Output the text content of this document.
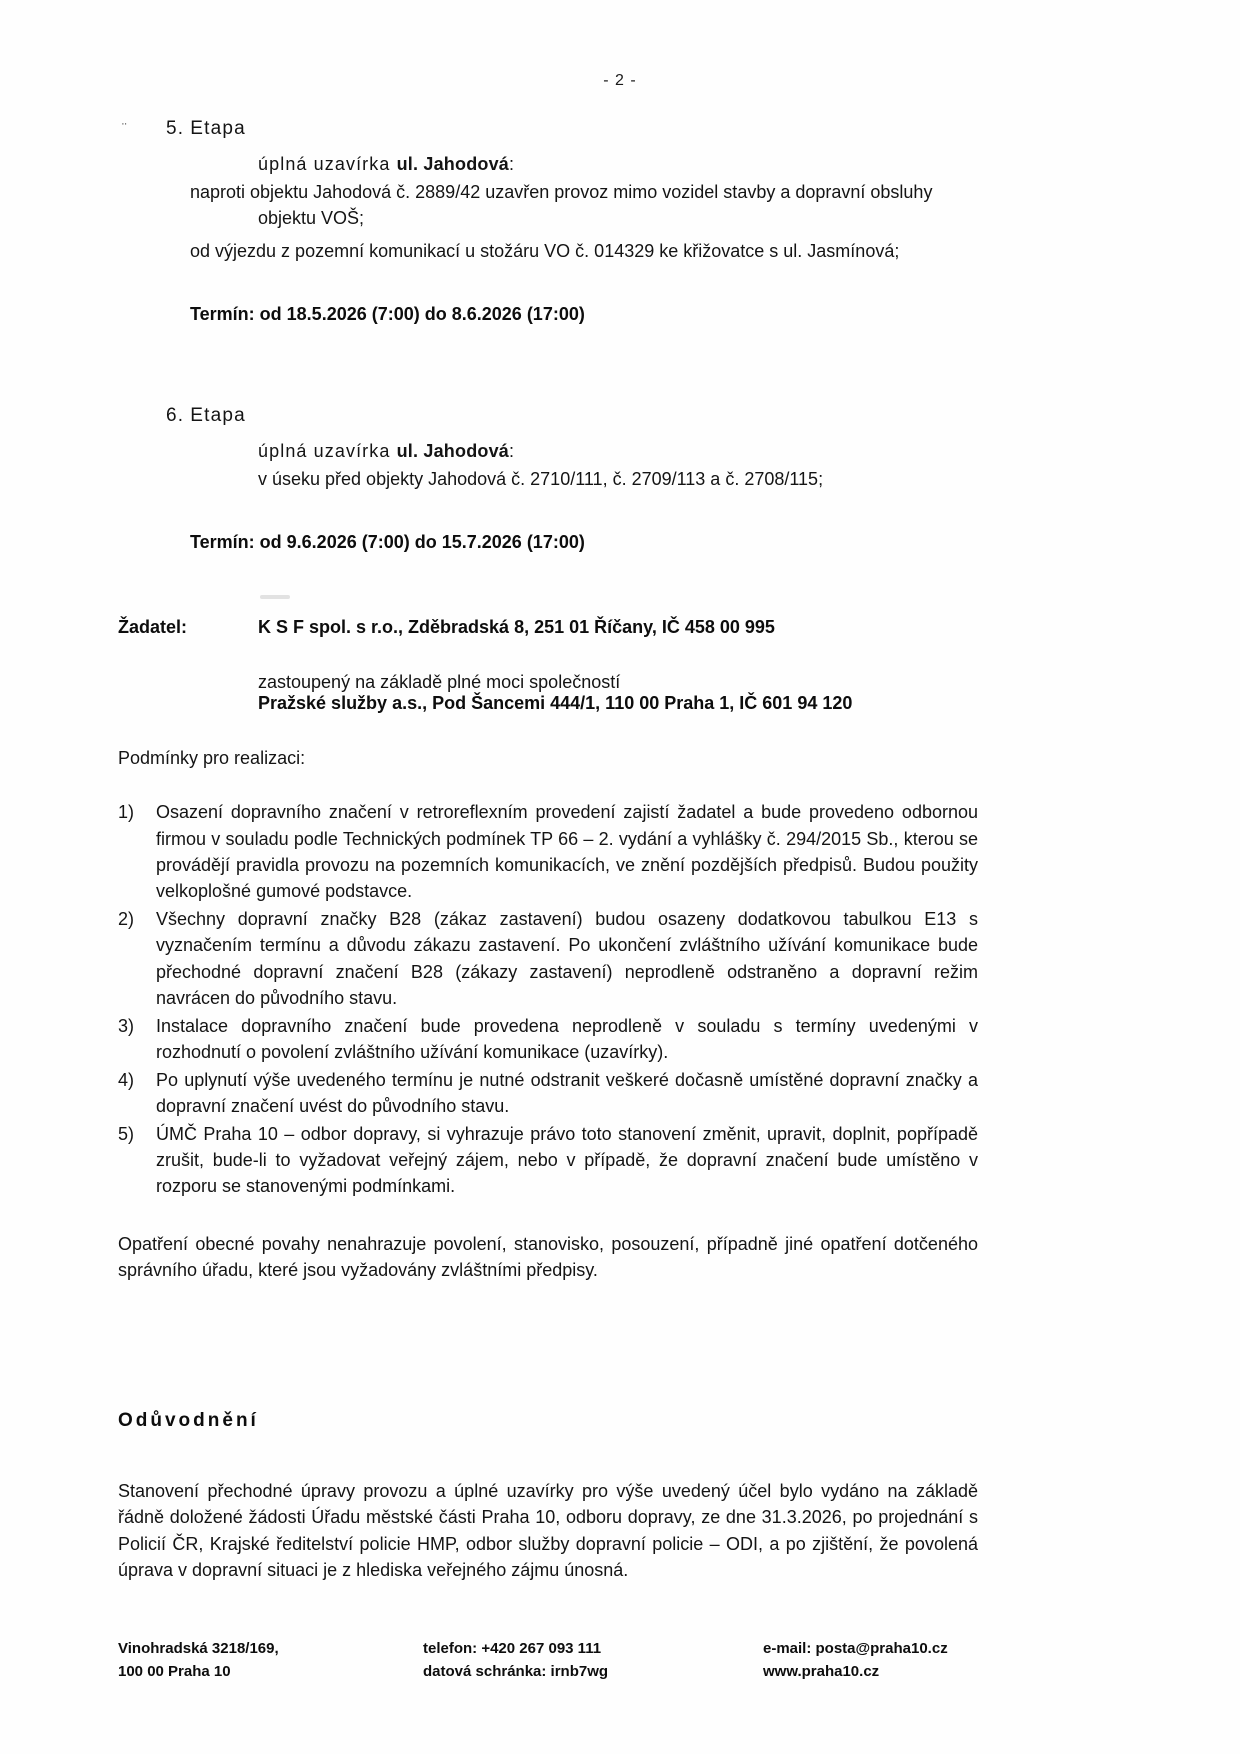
- 2 -
¨ 5. Etapa
úplná uzavírka ul. Jahodová:
naproti objektu Jahodová č. 2889/42 uzavřen provoz mimo vozidel stavby a dopravní obsluhy
objektu VOŠ;
od výjezdu z pozemní komunikací u stožáru VO č. 014329 ke křižovatce s ul. Jasmínová;
Termín: od 18.5.2026 (7:00) do 8.6.2026 (17:00)
6. Etapa
úplná uzavírka ul. Jahodová:
v úseku před objekty Jahodová č. 2710/111, č. 2709/113 a č. 2708/115;
Termín: od 9.6.2026 (7:00) do 15.7.2026 (17:00)
Žadatel:	K S F spol. s r.o., Zděbradská 8, 251 01 Říčany, IČ 458 00 995
zastoupený na základě plné moci společností
Pražské služby a.s., Pod Šancemi 444/1, 110 00 Praha 1, IČ 601 94 120
Podmínky pro realizaci:
1)	Osazení dopravního značení v retroreflexním provedení zajistí žadatel a bude provedeno odbornou firmou v souladu podle Technických podmínek TP 66 – 2. vydání a vyhlášky č. 294/2015 Sb., kterou se provádějí pravidla provozu na pozemních komunikacích, ve znění pozdějších předpisů. Budou použity velkoplošné gumové podstavce.
2)	Všechny dopravní značky B28 (zákaz zastavení) budou osazeny dodatkovou tabulkou E13 s vyznačením termínu a důvodu zákazu zastavení. Po ukončení zvláštního užívání komunikace bude přechodné dopravní značení B28 (zákazy zastavení) neprodleně odstraněno a dopravní režim navrácen do původního stavu.
3)	Instalace dopravního značení bude provedena neprodleně v souladu s termíny uvedenými v rozhodnutí o povolení zvláštního užívání komunikace (uzavírky).
4)	Po uplynutí výše uvedeného termínu je nutné odstranit veškeré dočasně umístěné dopravní značky a dopravní značení uvést do původního stavu.
5)	ÚMČ Praha 10 – odbor dopravy, si vyhrazuje právo toto stanovení změnit, upravit, doplnit, popřípadě zrušit, bude-li to vyžadovat veřejný zájem, nebo v případě, že dopravní značení bude umístěno v rozporu se stanovenými podmínkami.
Opatření obecné povahy nenahrazuje povolení, stanovisko, posouzení, případně jiné opatření dotčeného správního úřadu, které jsou vyžadovány zvláštními předpisy.
Odůvodnění
Stanovení přechodné úpravy provozu a úplné uzavírky pro výše uvedený účel bylo vydáno na základě řádně doložené žádosti Úřadu městské části Praha 10, odboru dopravy, ze dne 31.3.2026, po projednání s Policií ČR, Krajské ředitelství policie HMP, odbor služby dopravní policie – ODI, a po zjištění, že povolená úprava v dopravní situaci je z hlediska veřejného zájmu únosná.
Vinohradská 3218/169,
100 00 Praha 10
telefon: +420 267 093 111
datová schránka: irnb7wg
e-mail: posta@praha10.cz
www.praha10.cz
